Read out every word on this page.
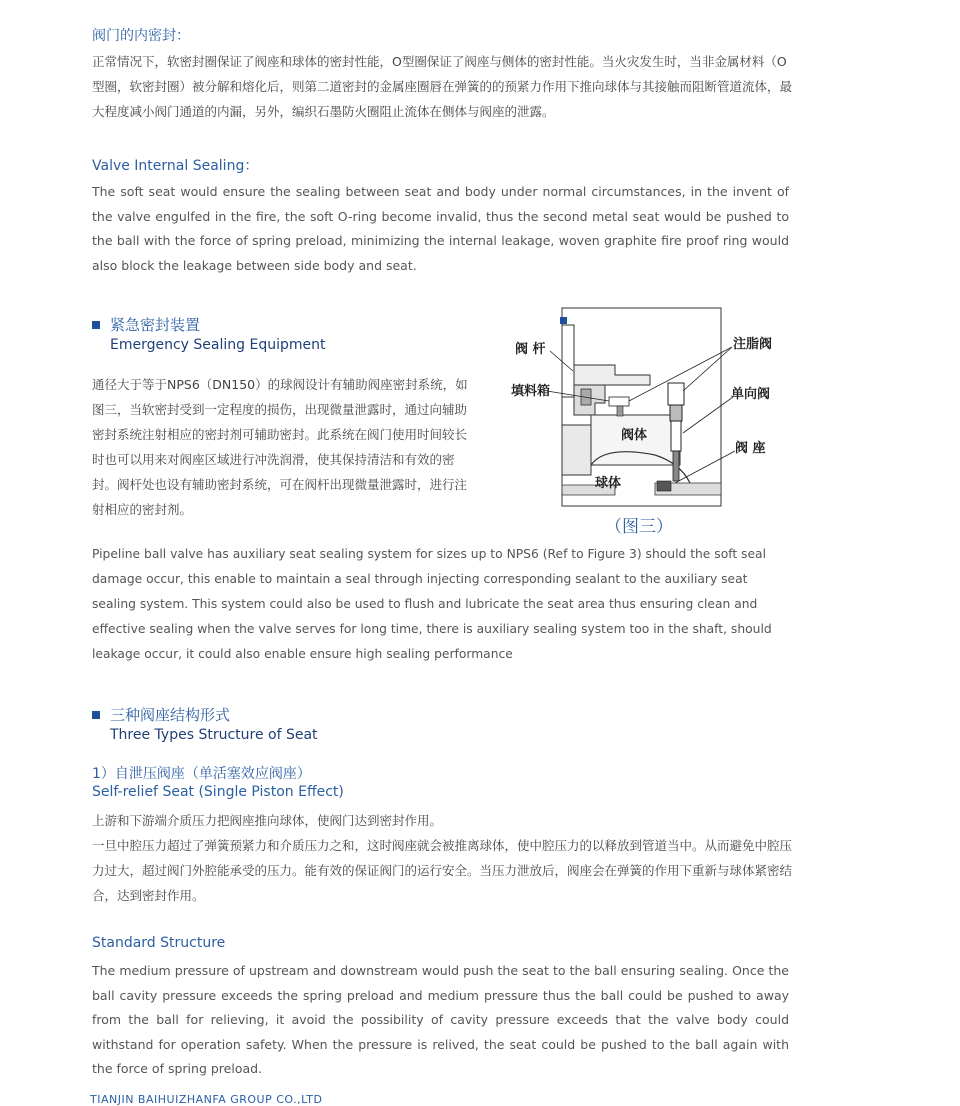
阀门的内密封：
正常情况下，软密封圈保证了阀座和球体的密封性能，O型圈保证了阀座与侧体的密封性能。当火灾发生时，当非金属材料（O型圈，软密封圈）被分解和熔化后，则第二道密封的金属座圈唇在弹簧的的预紧力作用下推向球体与其接触而阻断管道流体，最大程度减小阀门通道的内漏，另外，编织石墨防火圈阻止流体在侧体与阀座的泄露。
Valve Internal Sealing：
The soft seat would ensure the sealing between seat and body under normal circumstances, in the invent of the valve engulfed in the fire, the soft O-ring become invalid, thus the second metal seat would be pushed to the ball with the force of spring preload, minimizing the internal leakage, woven graphite fire proof ring would also block the leakage between side body and seat.
紧急密封装置
Emergency Sealing Equipment
通径大于等于NPS6（DN150）的球阀设计有辅助阀座密封系统，如图三，当软密封受到一定程度的损伤，出现微量泄露时，通过向辅助密封系统注射相应的密封剂可辅助密封。此系统在阀门使用时间较长时也可以用来对阀座区域进行冲洗润滑，使其保持清洁和有效的密封。阀杆处也设有辅助密封系统，可在阀杆出现微量泄露时，进行注射相应的密封剂。
阀 杆
填料箱
阀体
球体
注脂阀
单向阀
阀 座
（图三）
Pipeline ball valve has auxiliary seat sealing system for sizes up to NPS6 (Ref to Figure 3) should the soft seal damage occur, this enable to maintain a seal through injecting corresponding sealant to the auxiliary seat sealing system. This system could also be used to flush and lubricate the seat area thus ensuring clean and effective sealing when the valve serves for long time, there is auxiliary sealing system too in the shaft, should leakage occur, it could also enable ensure high sealing performance
三种阀座结构形式
Three Types Structure of Seat
1）自泄压阀座（单活塞效应阀座）
Self-relief Seat (Single Piston Effect)
上游和下游端介质压力把阀座推向球体，使阀门达到密封作用。
一旦中腔压力超过了弹簧预紧力和介质压力之和，这时阀座就会被推离球体，使中腔压力的以释放到管道当中。从而避免中腔压力过大，超过阀门外腔能承受的压力。能有效的保证阀门的运行安全。当压力泄放后，阀座会在弹簧的作用下重新与球体紧密结合，达到密封作用。
Standard Structure
The medium pressure of upstream and downstream would push the seat to the ball ensuring sealing. Once the ball cavity pressure exceeds the spring preload and medium pressure thus the ball could be pushed to away from the ball for relieving, it avoid the possibility of cavity pressure exceeds that the valve body could withstand for operation safety. When the pressure is relived, the seat could be pushed to the ball again with the force of spring preload.
TIANJIN BAIHUIZHANFA GROUP CO.,LTD
